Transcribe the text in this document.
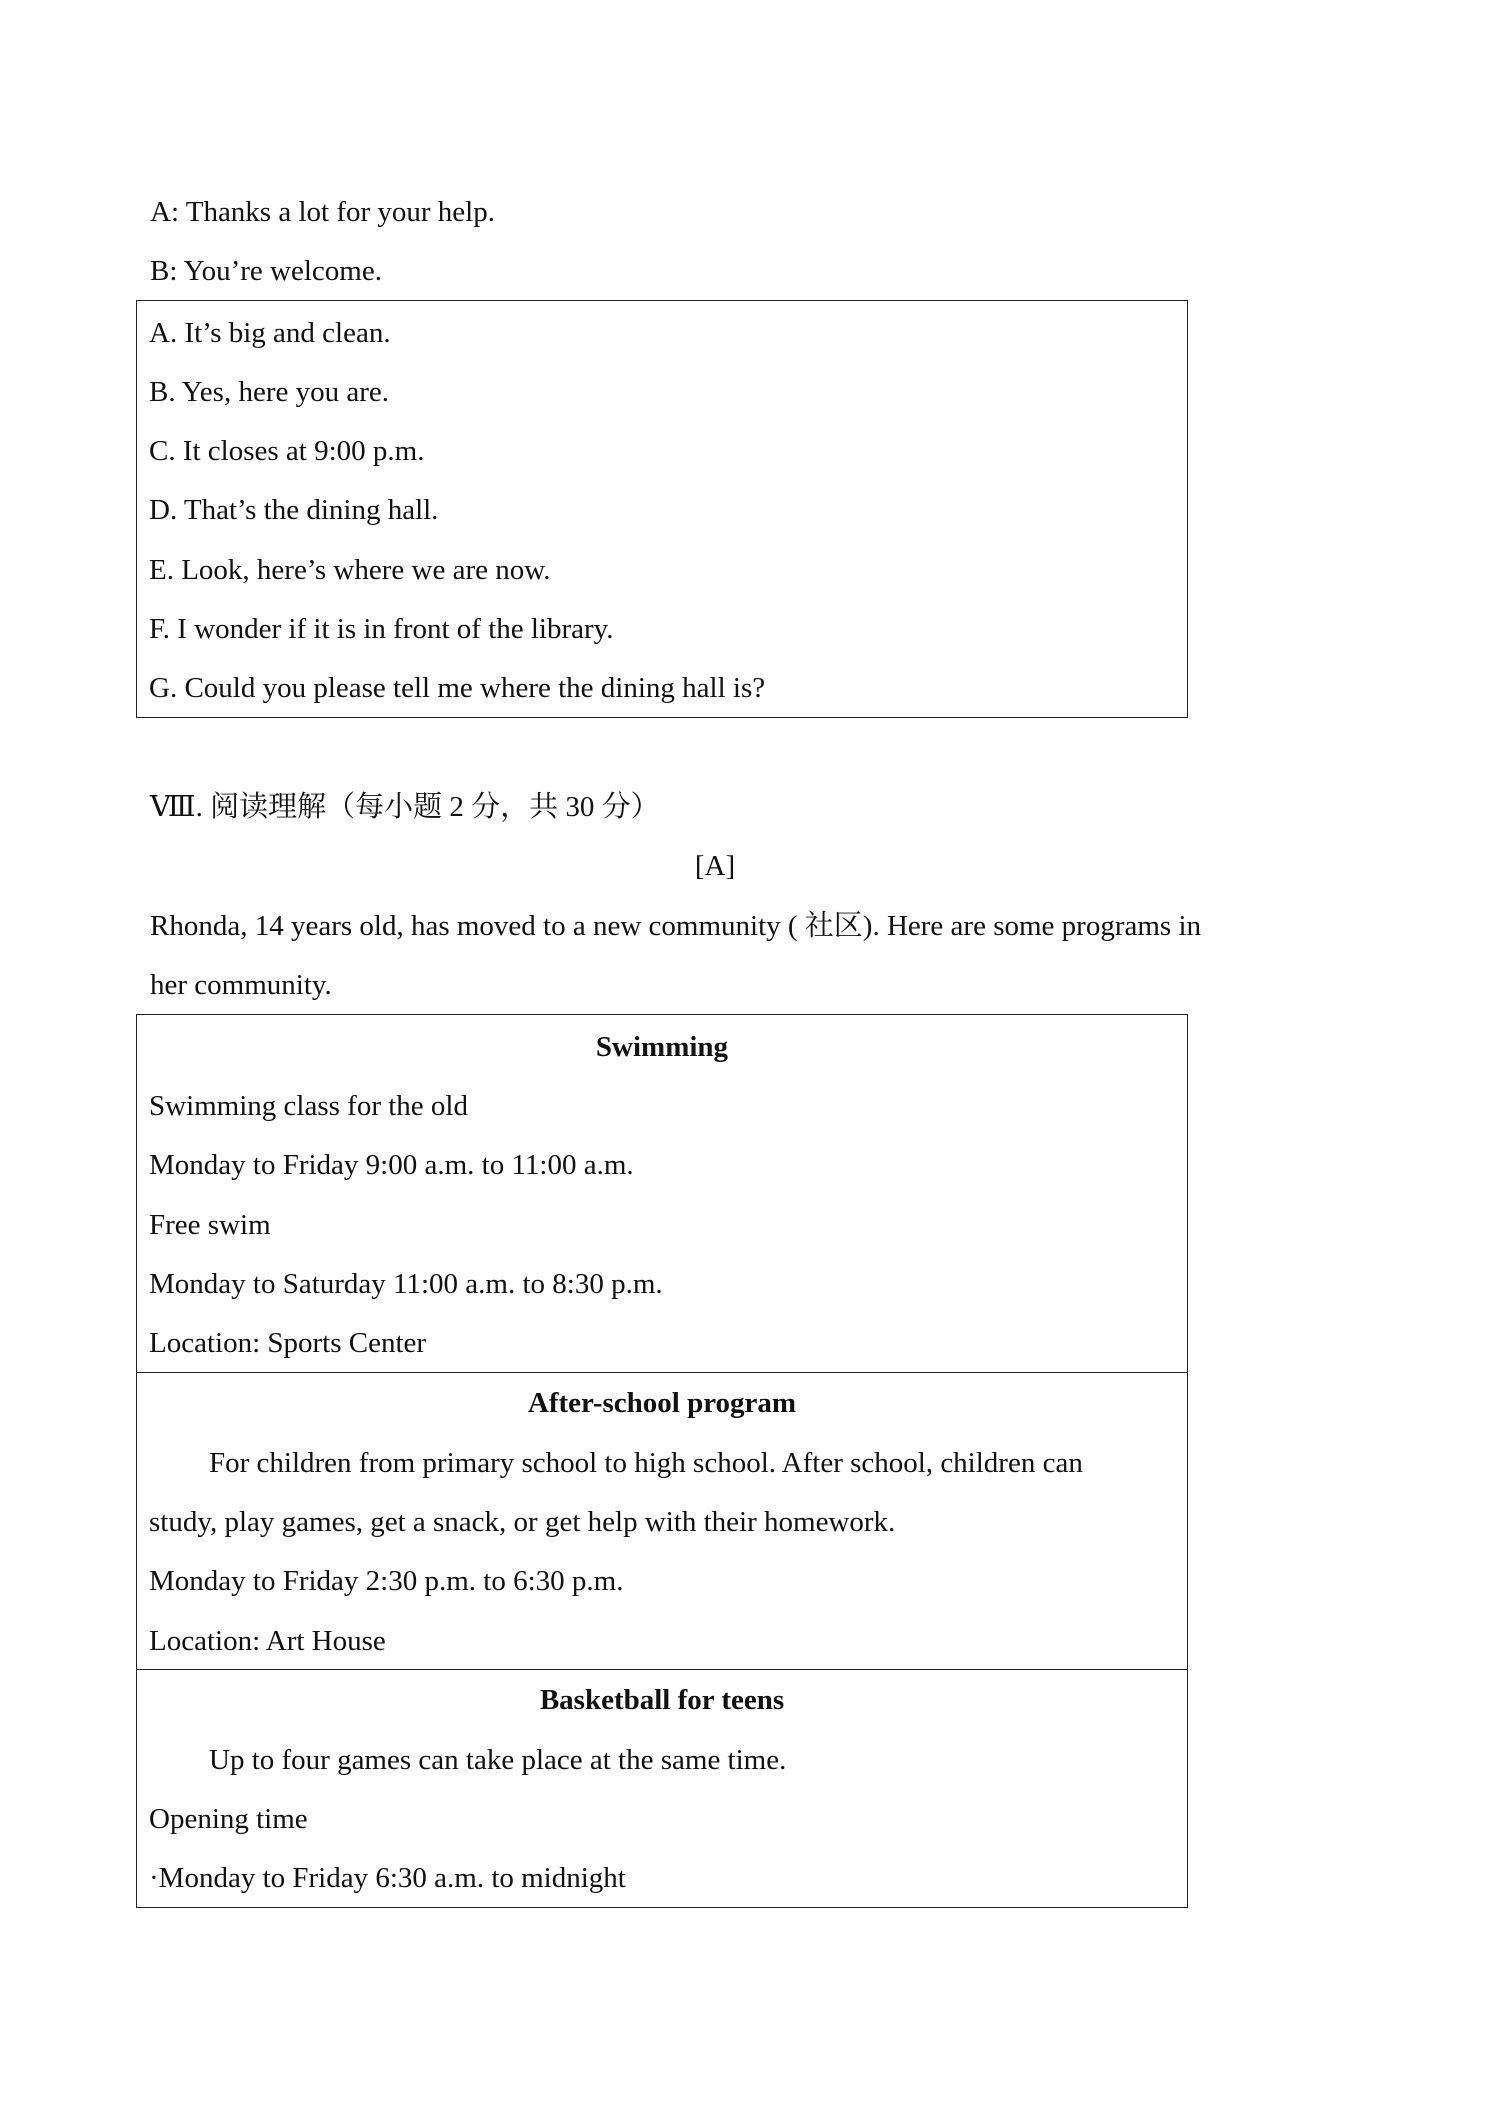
A: Thanks a lot for your help.
B: You’re welcome.
A. It’s big and clean.
B. Yes, here you are.
C. It closes at 9:00 p.m.
D. That’s the dining hall.
E. Look, here’s where we are now.
F. I wonder if it is in front of the library.
G. Could you please tell me where the dining hall is?
Ⅷ. 阅读理解（每小题 2 分，共 30 分）
[A]
Rhonda, 14 years old, has moved to a new community ( 社区). Here are some programs in
her community.
Swimming
Swimming class for the old
Monday to Friday 9:00 a.m. to 11:00 a.m.
Free swim
Monday to Saturday 11:00 a.m. to 8:30 p.m.
Location: Sports Center
After-school program
For children from primary school to high school. After school, children can
study, play games, get a snack, or get help with their homework.
Monday to Friday 2:30 p.m. to 6:30 p.m.
Location: Art House
Basketball for teens
Up to four games can take place at the same time.
Opening time
·Monday to Friday 6:30 a.m. to midnight
